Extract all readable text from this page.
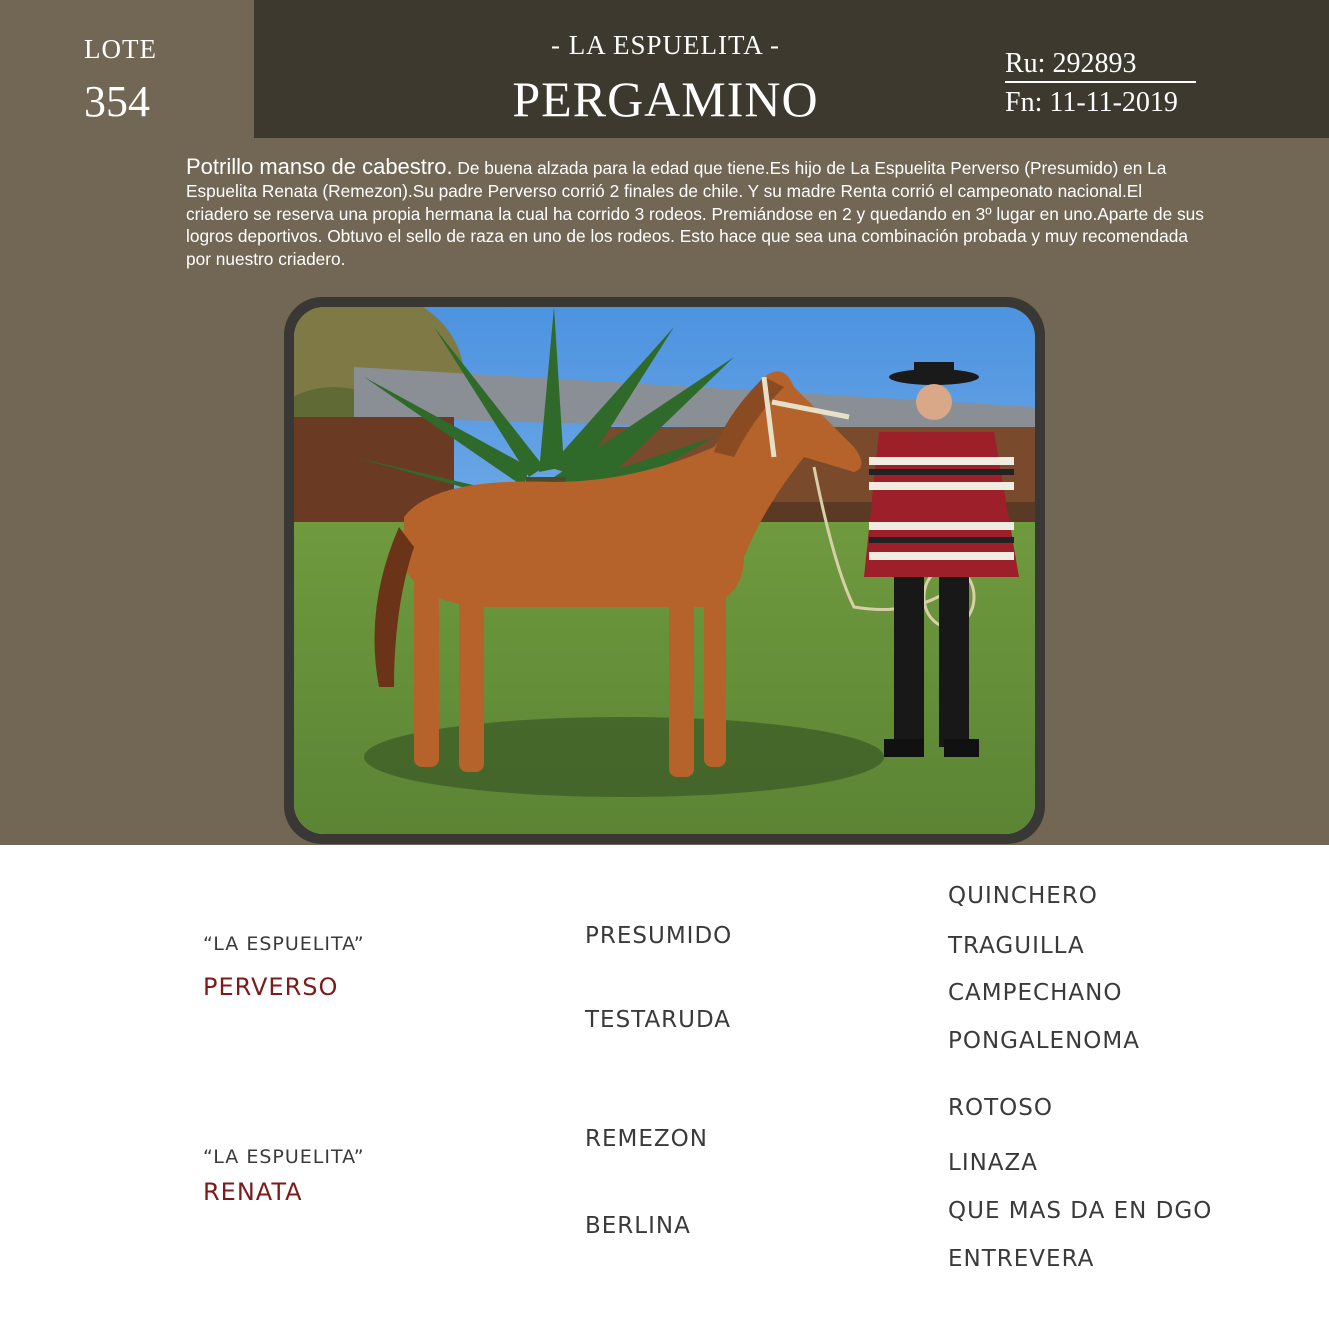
LOTE
354
- LA ESPUELITA -
PERGAMINO
Ru: 292893
Fn: 11-11-2019
Potrillo manso de cabestro. De buena alzada para la edad que tiene.Es hijo de La Espuelita Perverso (Presumido) en La Espuelita Renata (Remezon).Su padre Perverso corrió 2 finales de chile. Y su madre Renta corrió el campeonato nacional.El criadero se reserva una propia hermana la cual ha corrido 3 rodeos. Premiándose en 2 y quedando en 3º lugar en uno.Aparte de sus logros deportivos. Obtuvo el sello de raza en uno de los rodeos. Esto hace que sea una combinación probada y muy recomendada por nuestro criadero.
“LA ESPUELITA”
PERVERSO
“LA ESPUELITA”
RENATA
PRESUMIDO
TESTARUDA
REMEZON
BERLINA
QUINCHERO
TRAGUILLA
CAMPECHANO
PONGALENOMA
ROTOSO
LINAZA
QUE MAS DA EN DGO
ENTREVERA
